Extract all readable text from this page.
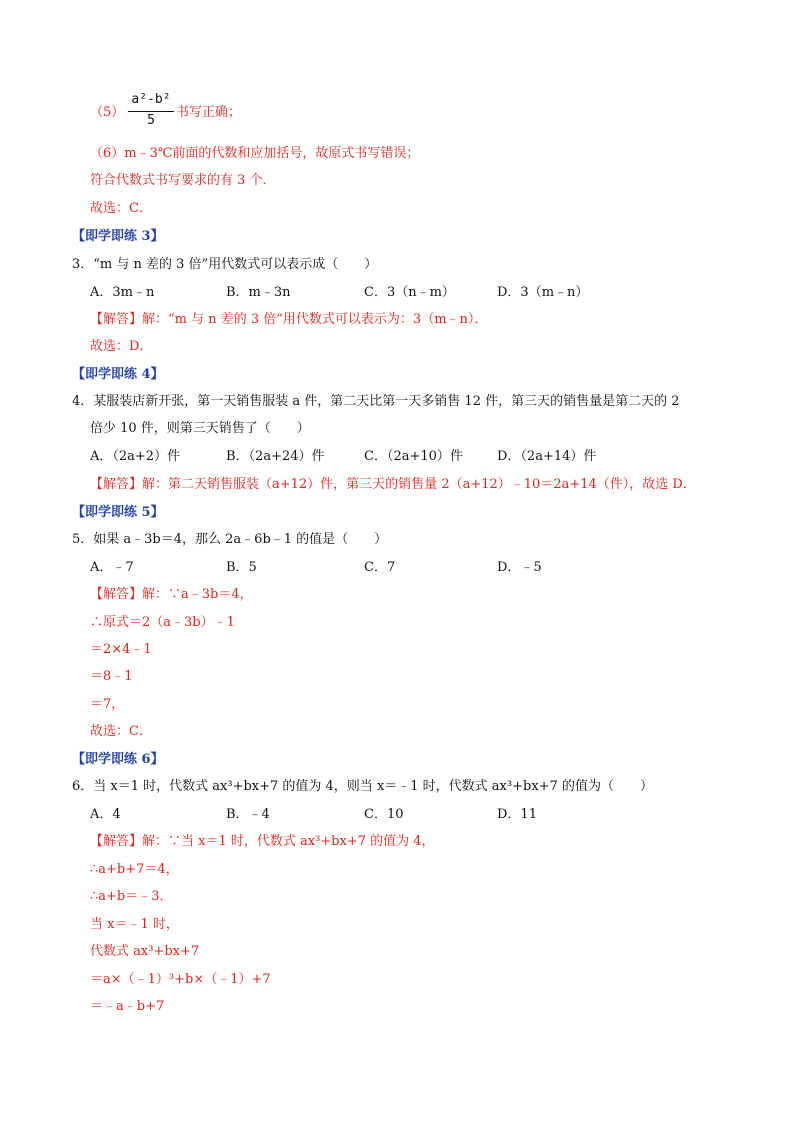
（5）
a²-b²
5
书写正确；
（6）m﹣3℃前面的代数和应加括号，故原式书写错误；
符合代数式书写要求的有 3 个．
故选：C．
【即学即练 3】
3．“m 与 n 差的 3 倍”用代数式可以表示成（　　）
A．3m﹣n	B．m﹣3n	C．3（n﹣m）	D．3（m﹣n）
【解答】解：“m 与 n 差的 3 倍”用代数式可以表示为：3（m﹣n）．
故选：D．
【即学即练 4】
4．某服装店新开张，第一天销售服装 a 件，第二天比第一天多销售 12 件，第三天的销售量是第二天的 2
倍少 10 件，则第三天销售了（　　）
A．（2a+2）件	B．（2a+24）件	C．（2a+10）件	D．（2a+14）件
【解答】解：第二天销售服装（a+12）件，第三天的销售量 2（a+12）﹣10＝2a+14（件），故选 D．
【即学即练 5】
5．如果 a﹣3b＝4，那么 2a﹣6b﹣1 的值是（　　）
A．﹣7	B．5	C．7	D．﹣5
【解答】解：∵a﹣3b＝4，
∴原式＝2（a﹣3b）﹣1
＝2×4﹣1
＝8﹣1
＝7，
故选：C．
【即学即练 6】
6．当 x＝1 时，代数式 ax³+bx+7 的值为 4，则当 x＝﹣1 时，代数式 ax³+bx+7 的值为（　　）
A．4	B．﹣4	C．10	D．11
【解答】解：∵当 x＝1 时，代数式 ax³+bx+7 的值为 4，
∴a+b+7＝4，
∴a+b＝﹣3．
当 x＝﹣1 时，
代数式 ax³+bx+7
＝a×（﹣1）³+b×（﹣1）+7
＝﹣a﹣b+7
